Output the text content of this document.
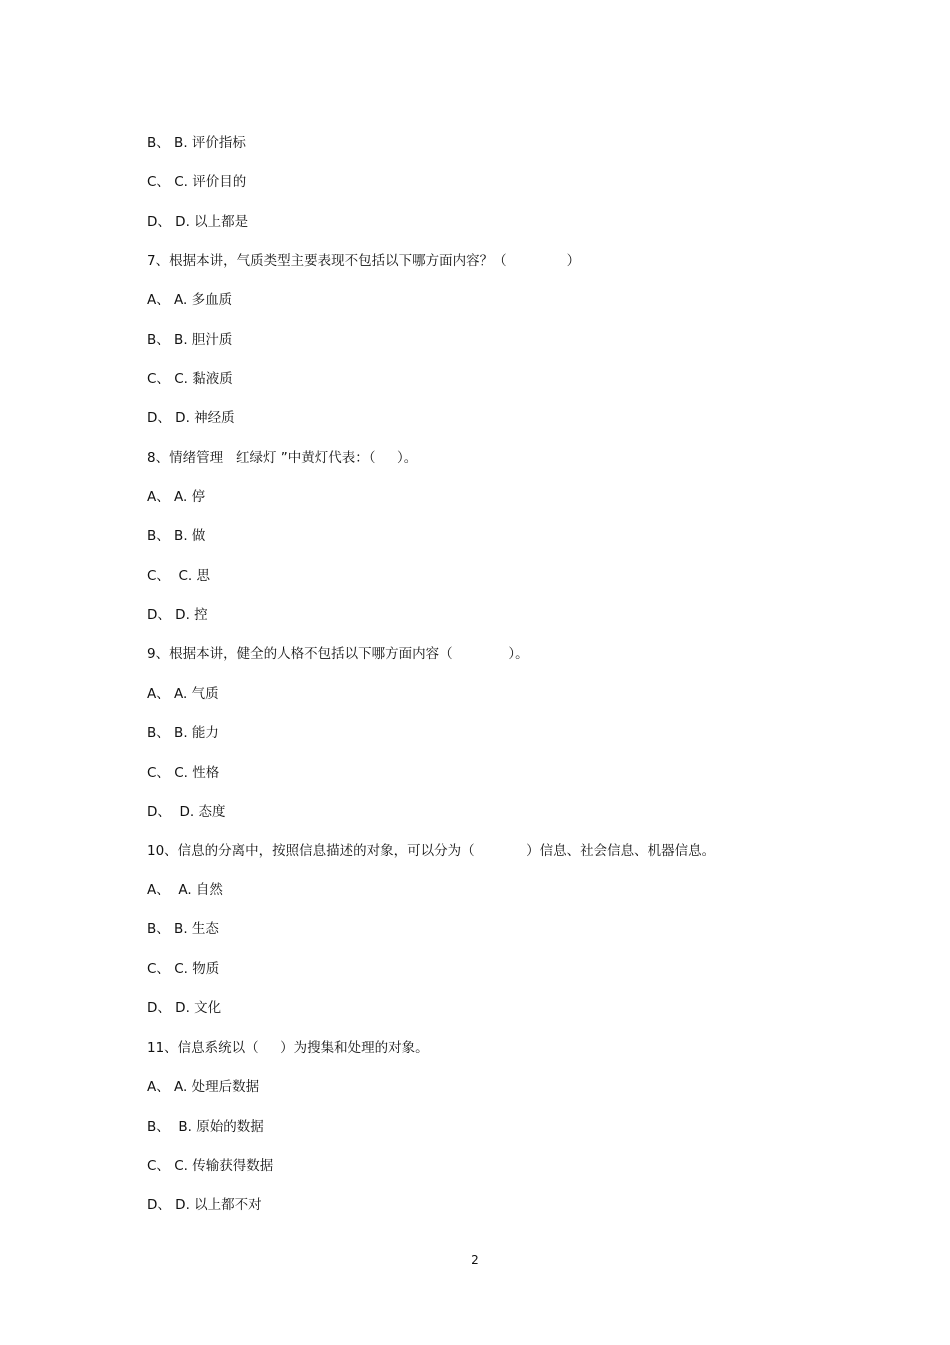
B、 B. 评价指标
C、 C. 评价目的
D、 D. 以上都是
7、根据本讲，气质类型主要表现不包括以下哪方面内容？（              ）
A、 A. 多血质
B、 B. 胆汁质
C、 C. 黏液质
D、 D. 神经质
8、情绪管理   红绿灯 ”中黄灯代表：（     ）。
A、 A. 停
B、 B. 做
C、  C. 思
D、 D. 控
9、根据本讲，健全的人格不包括以下哪方面内容（             ）。
A、 A. 气质
B、 B. 能力
C、 C. 性格
D、  D. 态度
10、信息的分离中，按照信息描述的对象，可以分为（            ）信息、社会信息、机器信息。
A、  A. 自然
B、 B. 生态
C、 C. 物质
D、 D. 文化
11、信息系统以（     ）为搜集和处理的对象。
A、 A. 处理后数据
B、  B. 原始的数据
C、 C. 传输获得数据
D、 D. 以上都不对
2
